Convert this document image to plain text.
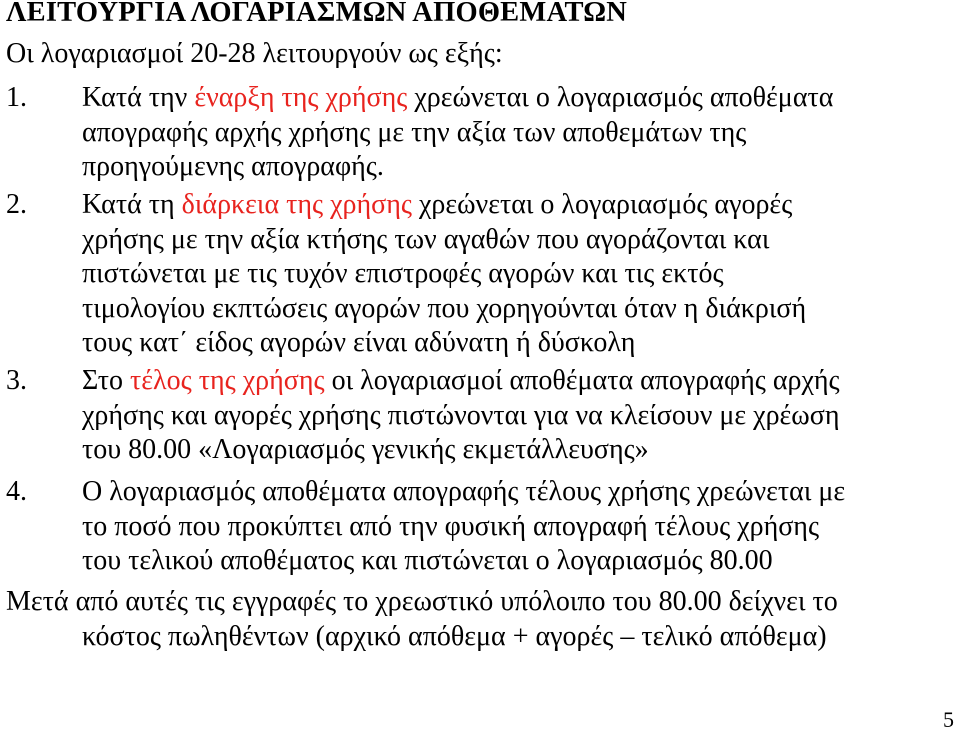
ΛΕΙΤΟΥΡΓΙΑ ΛΟΓΑΡΙΑΣΜΩΝ ΑΠΟΘΕΜΑΤΩΝ
Οι λογαριασμοί 20-28 λειτουργούν ως εξής:
1. Κατά την έναρξη της χρήσης χρεώνεται ο λογαριασμός αποθέματα
απογραφής αρχής χρήσης με την αξία των αποθεμάτων της
προηγούμενης απογραφής.
2. Κατά τη διάρκεια της χρήσης χρεώνεται ο λογαριασμός αγορές
χρήσης με την αξία κτήσης των αγαθών που αγοράζονται και
πιστώνεται με τις τυχόν επιστροφές αγορών και τις εκτός
τιμολογίου εκπτώσεις αγορών που χορηγούνται όταν η διάκρισή
τους κατ΄ είδος αγορών είναι αδύνατη ή δύσκολη
3. Στο τέλος της χρήσης οι λογαριασμοί αποθέματα απογραφής αρχής
χρήσης και αγορές χρήσης πιστώνονται για να κλείσουν με χρέωση
του 80.00 «Λογαριασμός γενικής εκμετάλλευσης»
4. Ο λογαριασμός αποθέματα απογραφής τέλους χρήσης χρεώνεται με
το ποσό που προκύπτει από την φυσική απογραφή τέλους χρήσης
του τελικού αποθέματος και πιστώνεται ο λογαριασμός 80.00
Μετά από αυτές τις εγγραφές το χρεωστικό υπόλοιπο του 80.00 δείχνει το
κόστος πωληθέντων (αρχικό απόθεμα + αγορές – τελικό απόθεμα)
5
